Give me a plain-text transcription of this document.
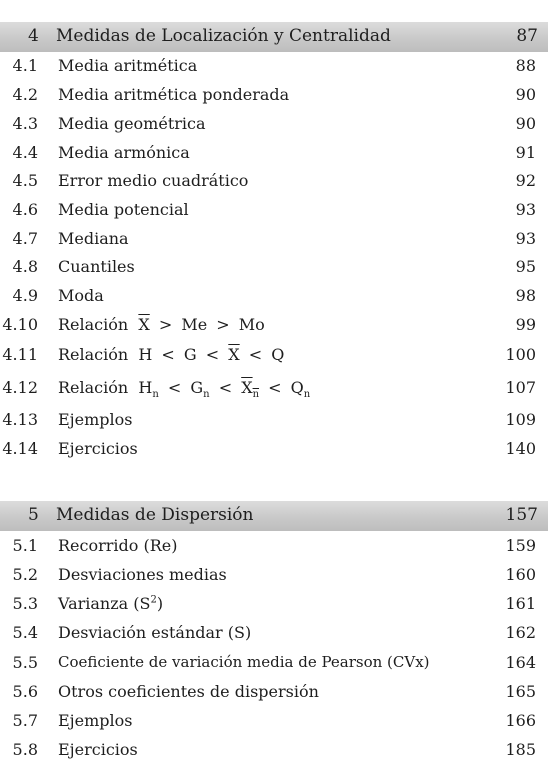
4 Medidas de Localización y Centralidad	87
4.1 Media aritmética	88
4.2 Media aritmética ponderada	90
4.3 Media geométrica	90
4.4 Media armónica	91
4.5 Error medio cuadrático	92
4.6 Media potencial	93
4.7 Mediana	93
4.8 Cuantiles	95
4.9 Moda	98
4.10 Relación $\overline{X} > Me > Mo$	99
4.11 Relación $H < G < \overline{X} < Q$	100
4.12 Relación $H_n < G_n < X_n < Q_n$	107
4.13 Ejemplos	109
4.14 Ejercicios	140
5 Medidas de Dispersión	157
5.1 Recorrido (Re)	159
5.2 Desviaciones medias	160
5.3 Varianza $(S^2)$	161
5.4 Desviación estándar (S)	162
5.5 Coeficiente de variación media de Pearson (CVx)	164
5.6 Otros coeficientes de dispersión	165
5.7 Ejemplos	166
5.8 Ejercicios	185
